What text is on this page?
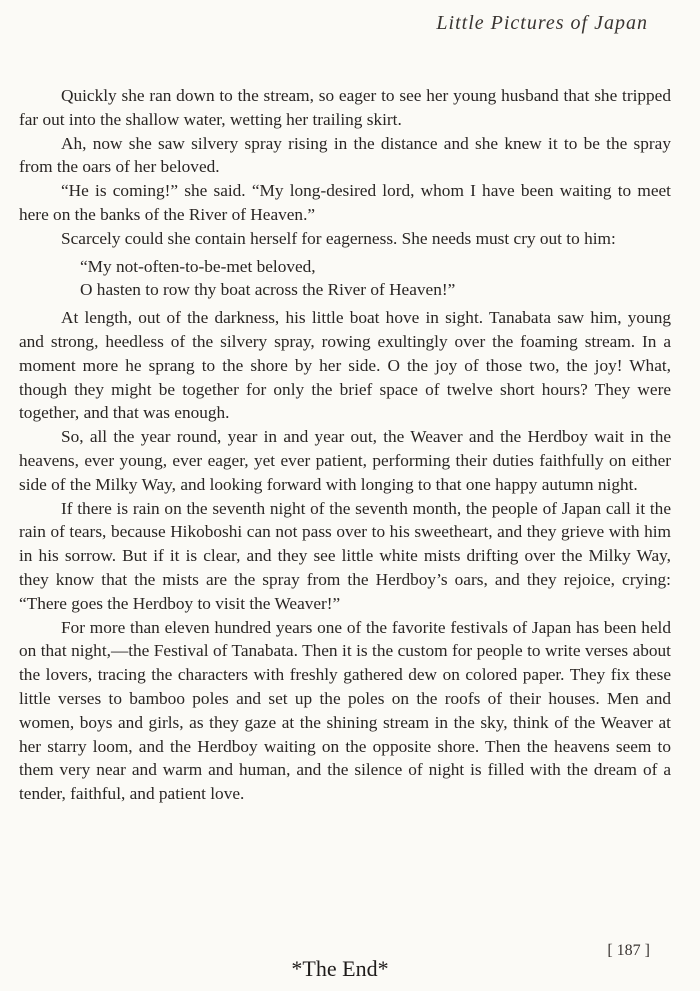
Little Pictures of Japan

Quickly she ran down to the stream, so eager to see her young husband that she tripped far out into the shallow water, wetting her trailing skirt.

Ah, now she saw silvery spray rising in the distance and she knew it to be the spray from the oars of her beloved.

“He is coming!” she said. “My long-desired lord, whom I have been waiting to meet here on the banks of the River of Heaven.”

Scarcely could she contain herself for eagerness. She needs must cry out to him:

“My not-often-to-be-met beloved,
O hasten to row thy boat across the River of Heaven!”

At length, out of the darkness, his little boat hove in sight. Tanabata saw him, young and strong, heedless of the silvery spray, rowing exultingly over the foaming stream. In a moment more he sprang to the shore by her side. O the joy of those two, the joy! What, though they might be together for only the brief space of twelve short hours? They were together, and that was enough.

So, all the year round, year in and year out, the Weaver and the Herdboy wait in the heavens, ever young, ever eager, yet ever patient, performing their duties faithfully on either side of the Milky Way, and looking forward with longing to that one happy autumn night.

If there is rain on the seventh night of the seventh month, the people of Japan call it the rain of tears, because Hikoboshi can not pass over to his sweetheart, and they grieve with him in his sorrow. But if it is clear, and they see little white mists drifting over the Milky Way, they know that the mists are the spray from the Herdboy’s oars, and they rejoice, crying: “There goes the Herdboy to visit the Weaver!”

For more than eleven hundred years one of the favorite festivals of Japan has been held on that night,—the Festival of Tanabata. Then it is the custom for people to write verses about the lovers, tracing the characters with freshly gathered dew on colored paper. They fix these little verses to bamboo poles and set up the poles on the roofs of their houses. Men and women, boys and girls, as they gaze at the shining stream in the sky, think of the Weaver at her starry loom, and the Herdboy waiting on the opposite shore. Then the heavens seem to them very near and warm and human, and the silence of night is filled with the dream of a tender, faithful, and patient love.

[ 187 ]
*The End*
